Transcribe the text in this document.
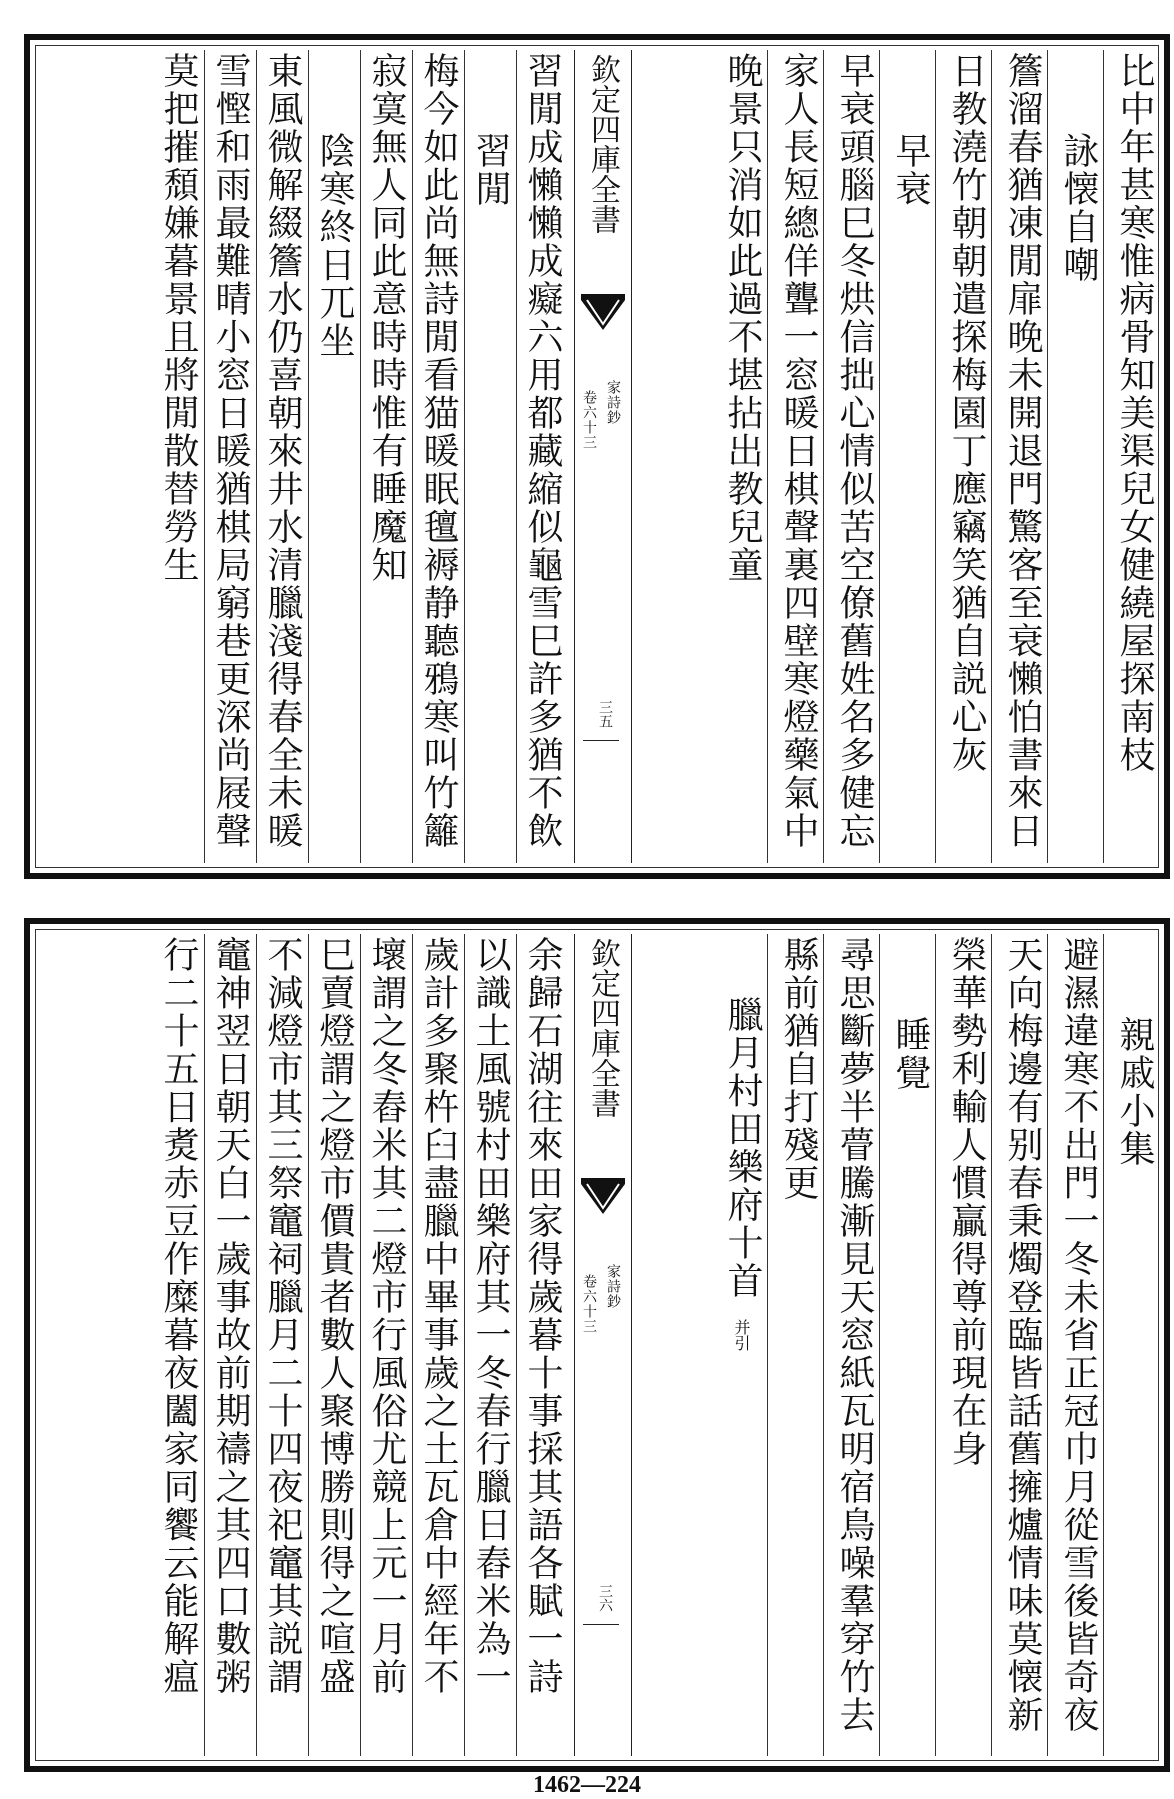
比中年甚寒惟病骨知美渠兒女健繞屋探南枝
詠懐自嘲
簷溜春猶凍閒扉晚未開退門驚客至衰懶怕書來日
日教澆竹朝朝遣探梅園丁應竊笑猶自説心灰
早衰
早衰頭腦巳冬烘信拙心情似苦空僚舊姓名多健忘
家人長短總佯聾一窓暖日棋聲裏四壁寒燈藥氣中
晚景只消如此過不堪拈出教兒童
欽定四庫全書
家詩鈔
卷六十三
三五
習閒成懶懶成癡六用都藏縮似龜雪巳許多猶不飲
習閒
梅今如此尚無詩閒看猫暖眠氊褥静聽鴉寒叫竹籬
寂寞無人同此意時時惟有睡魔知
陰寒終日兀坐
東風微解綴簷水仍喜朝來井水清臘淺得春全未暖
雪慳和雨最難晴小窓日暖猶棋局窮巷更深尚屐聲
莫把摧頹嫌暮景且將閒散替勞生
親戚小集
避濕違寒不出門一冬未省正冠巾月從雪後皆奇夜
天向梅邊有别春秉燭登臨皆話舊擁爐情味莫懐新
榮華勢利輸人慣贏得尊前現在身
睡覺
尋思斷夢半瞢騰漸見天窓紙瓦明宿鳥噪羣穿竹去
縣前猶自打殘更
臘月村田樂府十首
并引
欽定四庫全書
家詩鈔
卷六十三
三六
余歸石湖往來田家得歲暮十事採其語各賦一詩
以識土風號村田樂府其一冬春行臘日舂米為一
歲計多聚杵臼盡臘中畢事歲之土瓦倉中經年不
壞謂之冬舂米其二燈市行風俗尤競上元一月前
巳賣燈謂之燈市價貴者數人聚博勝則得之喧盛
不減燈市其三祭竈祠臘月二十四夜祀竈其説謂
竈神翌日朝天白一歲事故前期禱之其四口數粥
行二十五日煑赤豆作糜暮夜闔家同饗云能解瘟
1462—224
